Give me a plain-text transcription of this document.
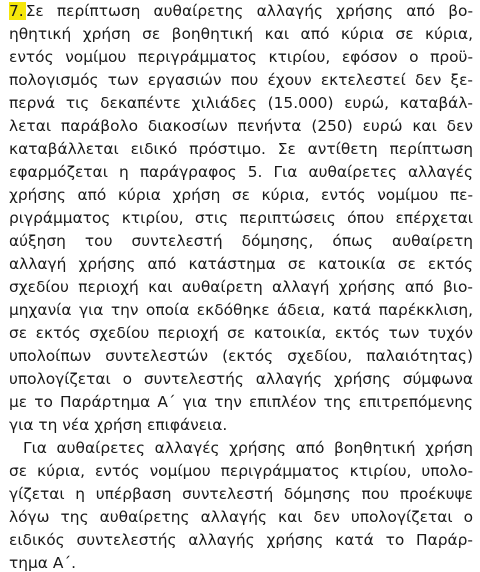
7. Σε περίπτωση αυθαίρετης αλλαγής χρήσης από βο-
ηθητική χρήση σε βοηθητική και από κύρια σε κύρια,
εντός νομίμου περιγράμματος κτιρίου, εφόσον ο προϋ-
πολογισμός των εργασιών που έχουν εκτελεστεί δεν ξε-
περνά τις δεκαπέντε χιλιάδες (15.000) ευρώ, καταβάλ-
λεται παράβολο διακοσίων πενήντα (250) ευρώ και δεν
καταβάλλεται ειδικό πρόστιμο. Σε αντίθετη περίπτωση
εφαρμόζεται η παράγραφος 5. Για αυθαίρετες αλλαγές
χρήσης από κύρια χρήση σε κύρια, εντός νομίμου πε-
ριγράμματος κτιρίου, στις περιπτώσεις όπου επέρχεται
αύξηση του συντελεστή δόμησης, όπως αυθαίρετη
αλλαγή χρήσης από κατάστημα σε κατοικία σε εκτός
σχεδίου περιοχή και αυθαίρετη αλλαγή χρήσης από βιο-
μηχανία για την οποία εκδόθηκε άδεια, κατά παρέκκλιση,
σε εκτός σχεδίου περιοχή σε κατοικία, εκτός των τυχόν
υπολοίπων συντελεστών (εκτός σχεδίου, παλαιότητας)
υπολογίζεται ο συντελεστής αλλαγής χρήσης σύμφωνα
με το Παράρτημα Α΄ για την επιπλέον της επιτρεπόμενης
για τη νέα χρήση επιφάνεια.
Για αυθαίρετες αλλαγές χρήσης από βοηθητική χρήση
σε κύρια, εντός νομίμου περιγράμματος κτιρίου, υπολο-
γίζεται η υπέρβαση συντελεστή δόμησης που προέκυψε
λόγω της αυθαίρετης αλλαγής και δεν υπολογίζεται ο
ειδικός συντελεστής αλλαγής χρήσης κατά το Παράρ-
τημα Α΄.
